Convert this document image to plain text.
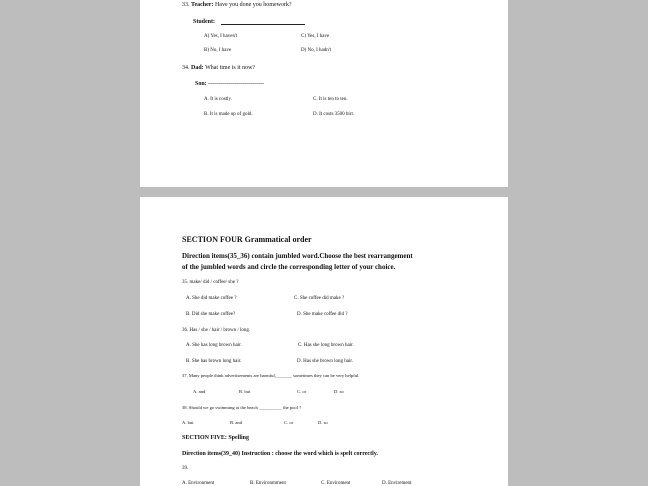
33. Teacher: Have you done you homework?
Student:
A) Yes, I haven't	C) Yes, I have
B) No, I have	D) No, I hadn't
34. Dad: What time is it now?
Son: ----------------------------
A. It is costly.	C. It is ten to ten.
B. It is made up of gold.	D. It costs 3500 birr.
SECTION FOUR Grammatical order
Direction items(35_36) contain jumbled word.Choose the best rearrangement
of the jumbled words and circle the corresponding letter of your choice.
35. make/ did / coffee/ she ?
A. She did make coffee ?	C. She coffee did make ?
B. Did she make coffee?	D. She make coffee did ?
36. Has / she / hair / brown / long.
A. She has long brown hair.	C. Has she long brown hair.
B. She has brown long hair.	D. Has she brown long hair.
37. Many people think advertisements are harmful,_______ sometimes they can be very helpful.
A. and	B. but	C. or	D. so
38. Should we go swimming at the beach __________ the pool ?
A. but	B. and	C. or	D. so
SECTION FIVE: Spelling
Direction items(39_40) Instruction : choose the word which is spelt correctly.
39.
A. Environment	B. Environmment	C. Enviroment	D. Envirement
